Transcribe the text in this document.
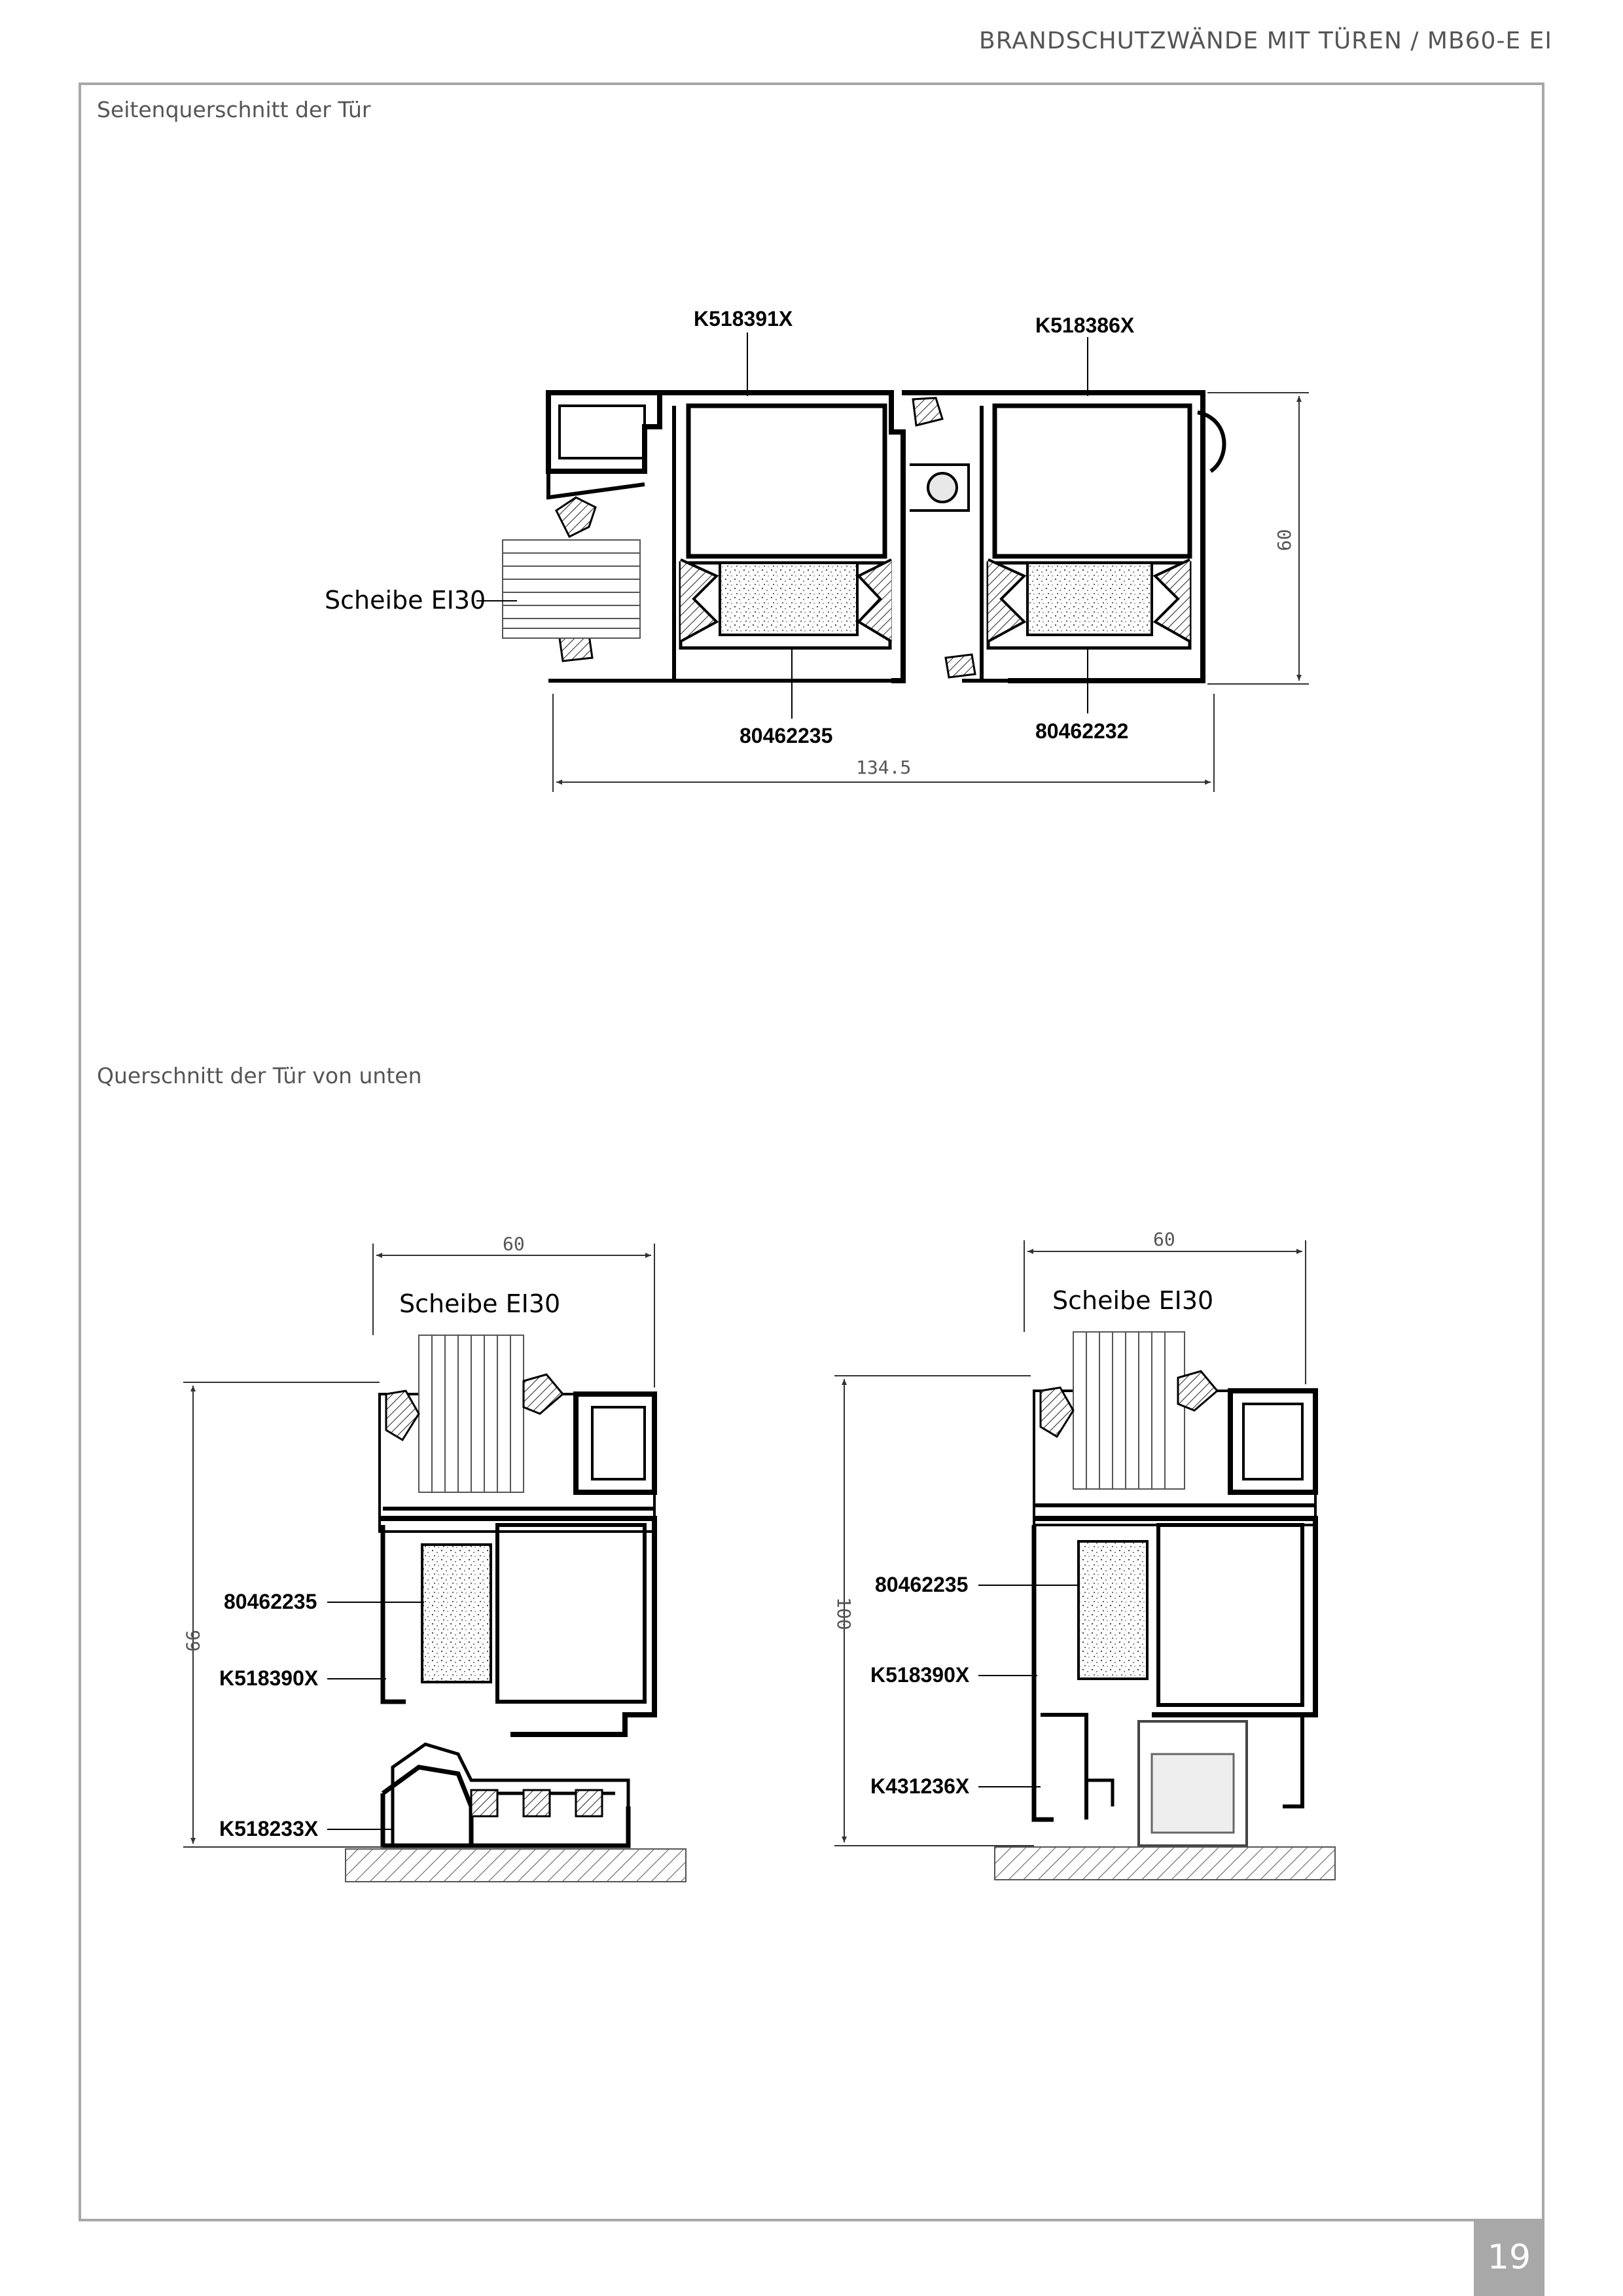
BRANDSCHUTZWÄNDE MIT TÜREN / MB60-E EI
Seitenquerschnitt der Tür
Querschnitt der Tür von unten
K518391X	K518386X
Scheibe EI30
80462235	80462232
60
134.5
60
99
Scheibe EI30
80462235
K518390X
K518233X
60
100
Scheibe EI30
80462235
K518390X
K431236X
19
